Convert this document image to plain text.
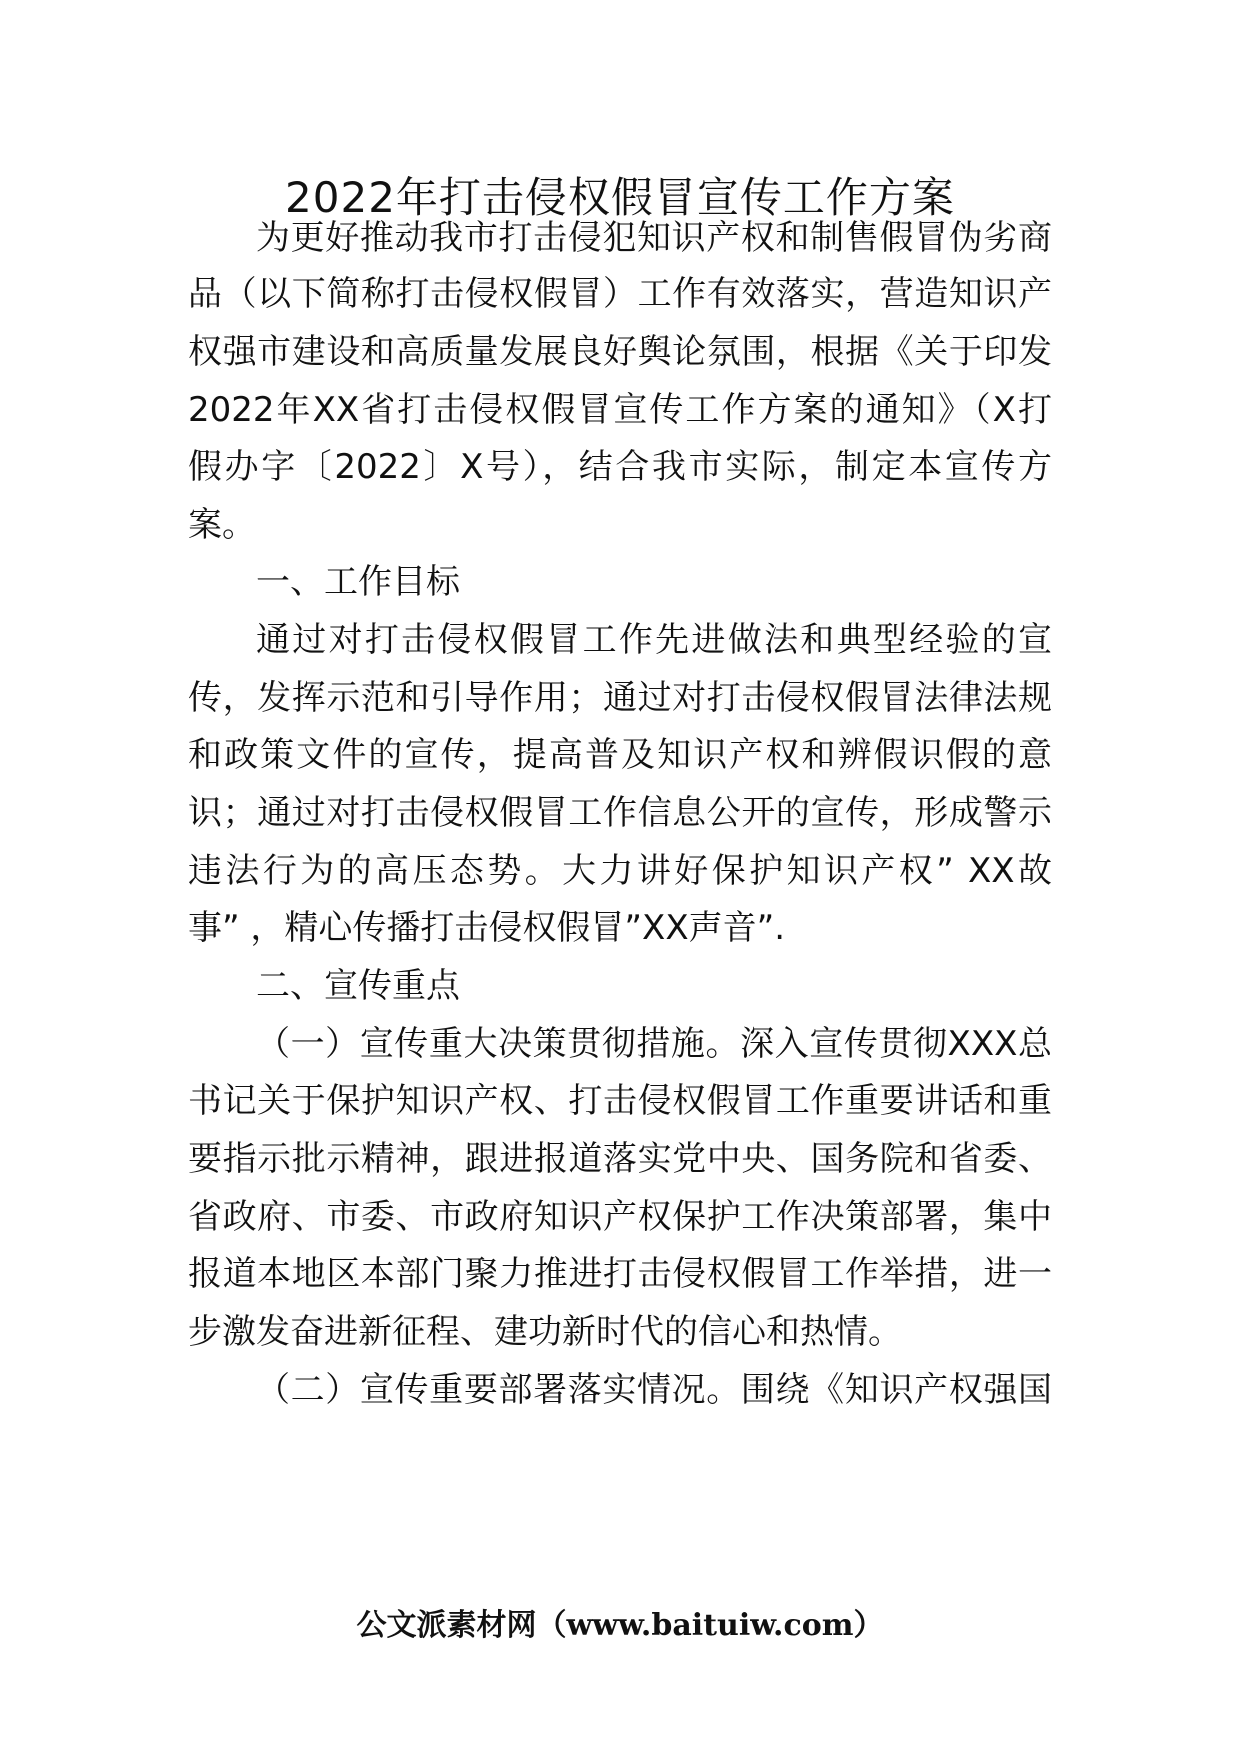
2022年打击侵权假冒宣传工作方案
为更好推动我市打击侵犯知识产权和制售假冒伪劣商
品（以下简称打击侵权假冒）工作有效落实，营造知识产
权强市建设和高质量发展良好舆论氛围，根据《关于印发
2022年XX省打击侵权假冒宣传工作方案的通知》（X打
假办字〔2022〕X号），结合我市实际，制定本宣传方
案。
一、工作目标
通过对打击侵权假冒工作先进做法和典型经验的宣
传，发挥示范和引导作用；通过对打击侵权假冒法律法规
和政策文件的宣传，提高普及知识产权和辨假识假的意
识；通过对打击侵权假冒工作信息公开的宣传，形成警示
违法行为的高压态势。大力讲好保护知识产权” XX故
事” ，精心传播打击侵权假冒”XX声音”.
二、宣传重点
（一）宣传重大决策贯彻措施。深入宣传贯彻XXX总
书记关于保护知识产权、打击侵权假冒工作重要讲话和重
要指示批示精神，跟进报道落实党中央、国务院和省委、
省政府、市委、市政府知识产权保护工作决策部署，集中
报道本地区本部门聚力推进打击侵权假冒工作举措，进一
步激发奋进新征程、建功新时代的信心和热情。
（二）宣传重要部署落实情况。围绕《知识产权强国
公文派素材网（www.baituiw.com）
